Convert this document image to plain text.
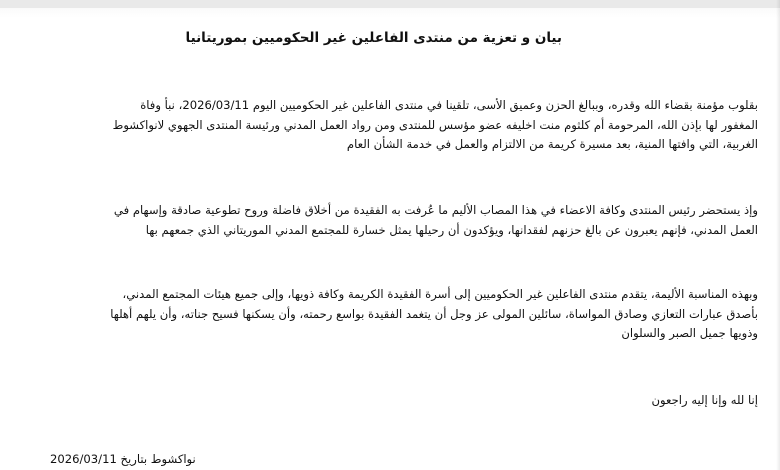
بيان و تعزية من منتدى الفاعلين غير الحكوميين بموريتانيا
بقلوب مؤمنة بقضاء الله وقدره، وببالغ الحزن وعميق الأسى، تلقينا في منتدى الفاعلين غير الحكوميين اليوم 2026/03/11، نبأ وفاة
المغفور لها بإذن الله، المرحومة أم كلثوم منت اخليفه عضو مؤسس للمنتدى ومن رواد العمل المدني ورئيسة المنتدى الجهوي لانواكشوط
الغربية، التي وافتها المنية، بعد مسيرة كريمة من الالتزام والعمل في خدمة الشأن العام
وإذ يستحضر رئيس المنتدى وكافة الاعضاء في هذا المصاب الأليم ما عُرفت به الفقيدة من أخلاق فاضلة وروح تطوعية صادقة وإسهام في
العمل المدني، فإنهم يعبرون عن بالغ حزنهم لفقدانها، ويؤكدون أن رحيلها يمثل خسارة للمجتمع المدني الموريتاني الذي جمعهم بها
وبهذه المناسبة الأليمة، يتقدم منتدى الفاعلين غير الحكوميين إلى أسرة الفقيدة الكريمة وكافة ذويها، وإلى جميع هيئات المجتمع المدني،
بأصدق عبارات التعازي وصادق المواساة، سائلين المولى عز وجل أن يتغمد الفقيدة بواسع رحمته، وأن يسكنها فسيح جناته، وأن يلهم أهلها
وذويها جميل الصبر والسلوان
إنا لله وإنا إليه راجعون
نواكشوط بتاريخ 2026/03/11
